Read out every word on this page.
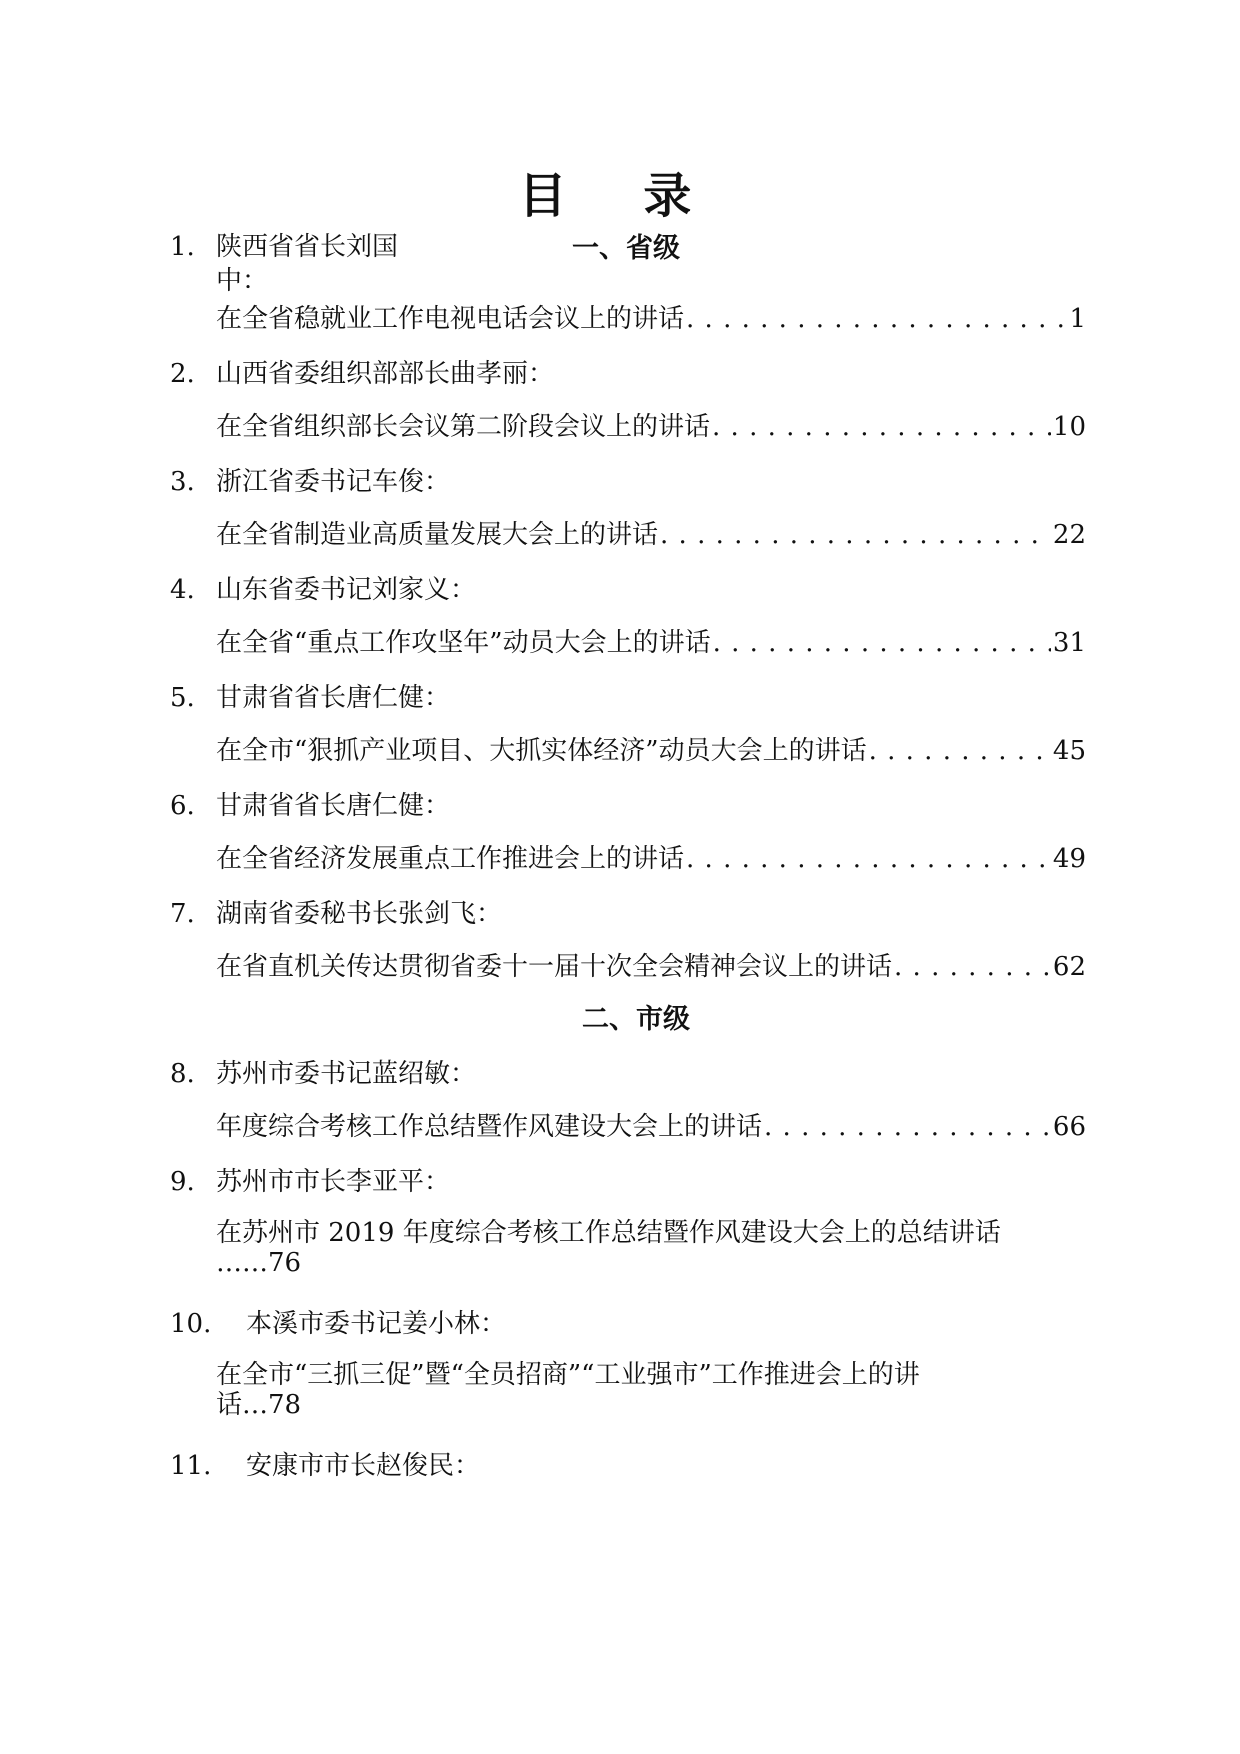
目 录
一、省级
1. 陕西省省长刘国
中：
在全省稳就业工作电视电话会议上的讲话 . . .	1
2. 山西省委组织部部长曲孝丽：
在全省组织部长会议第二阶段会议上的讲话 . . .	10
3. 浙江省委书记车俊：
在全省制造业高质量发展大会上的讲话 . . .	22
4. 山东省委书记刘家义：
在全省“重点工作攻坚年”动员大会上的讲话 . . .	31
5. 甘肃省省长唐仁健：
在全市“狠抓产业项目、大抓实体经济”动员大会上的讲话 . . .	45
6. 甘肃省省长唐仁健：
在全省经济发展重点工作推进会上的讲话 . . .	49
7. 湖南省委秘书长张剑飞：
在省直机关传达贯彻省委十一届十次全会精神会议上的讲话 . . .	62
二、市级
8. 苏州市委书记蓝绍敏：
年度综合考核工作总结暨作风建设大会上的讲话 . . .	66
9. 苏州市市长李亚平：
在苏州市 2019 年度综合考核工作总结暨作风建设大会上的总结讲话
……76
10. 本溪市委书记姜小林：
在全市“三抓三促”暨“全员招商”“工业强市”工作推进会上的讲
话…78
11. 安康市市长赵俊民：
